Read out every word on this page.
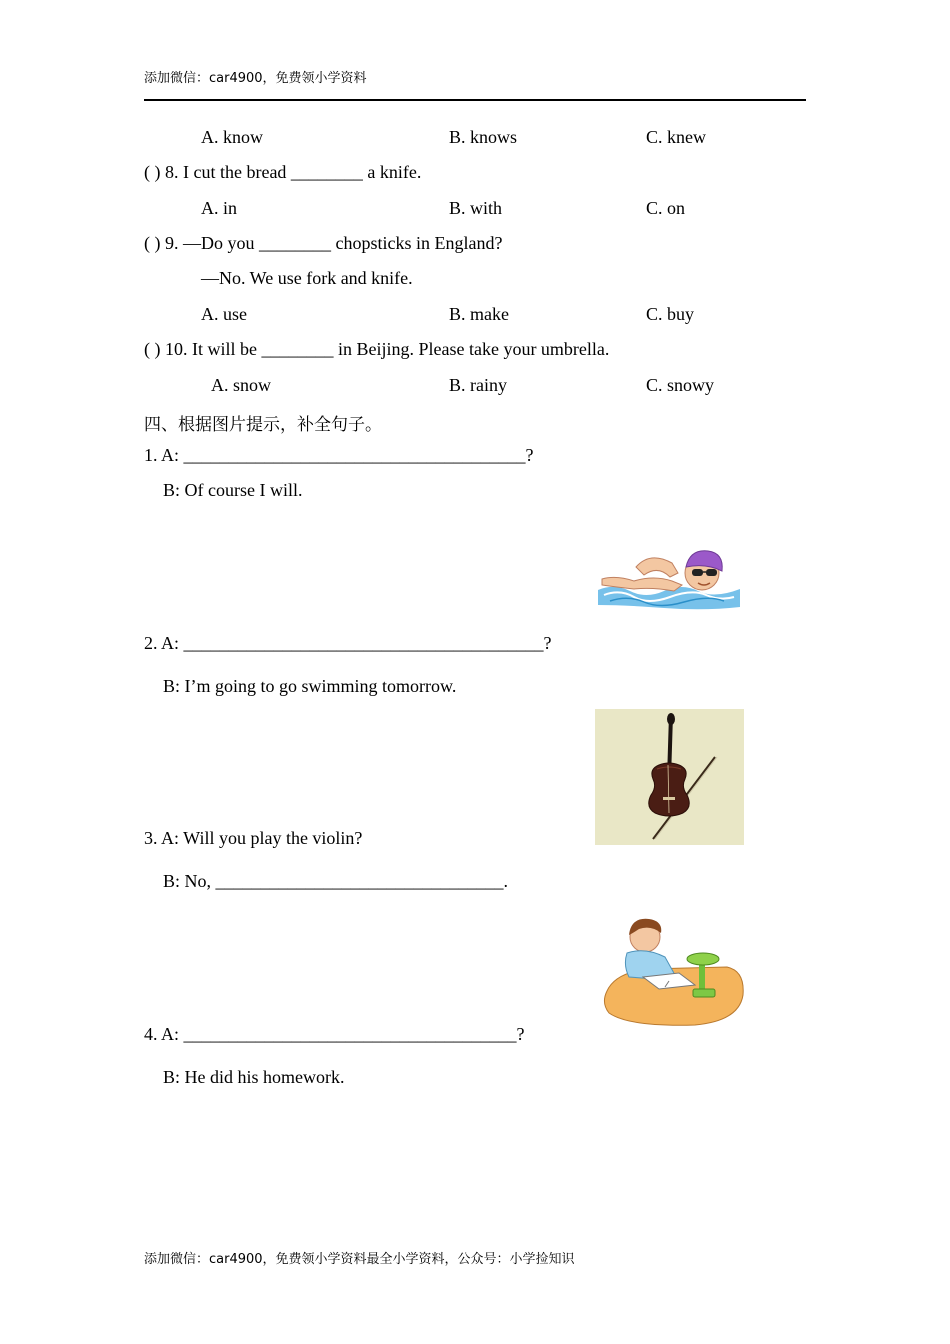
添加微信：car4900，免费领小学资料
A. know	B. knows	C. knew
( ) 8. I cut the bread ________ a knife.
A. in	B. with	C. on
( ) 9. —Do you ________ chopsticks in England?
—No. We use fork and knife.
A. use	B. make	C. buy
( ) 10. It will be ________ in Beijing. Please take your umbrella.
A. snow	B. rainy	C. snowy
四、根据图片提示，补全句子。
1. A: ______________________________________?
B: Of course I will.
2. A: ________________________________________?
B: I’m going to go swimming tomorrow.
3. A: Will you play the violin?
B: No, ________________________________.
4. A: _____________________________________?
B: He did his homework.
添加微信：car4900，免费领小学资料最全小学资料，公众号：小学捡知识
